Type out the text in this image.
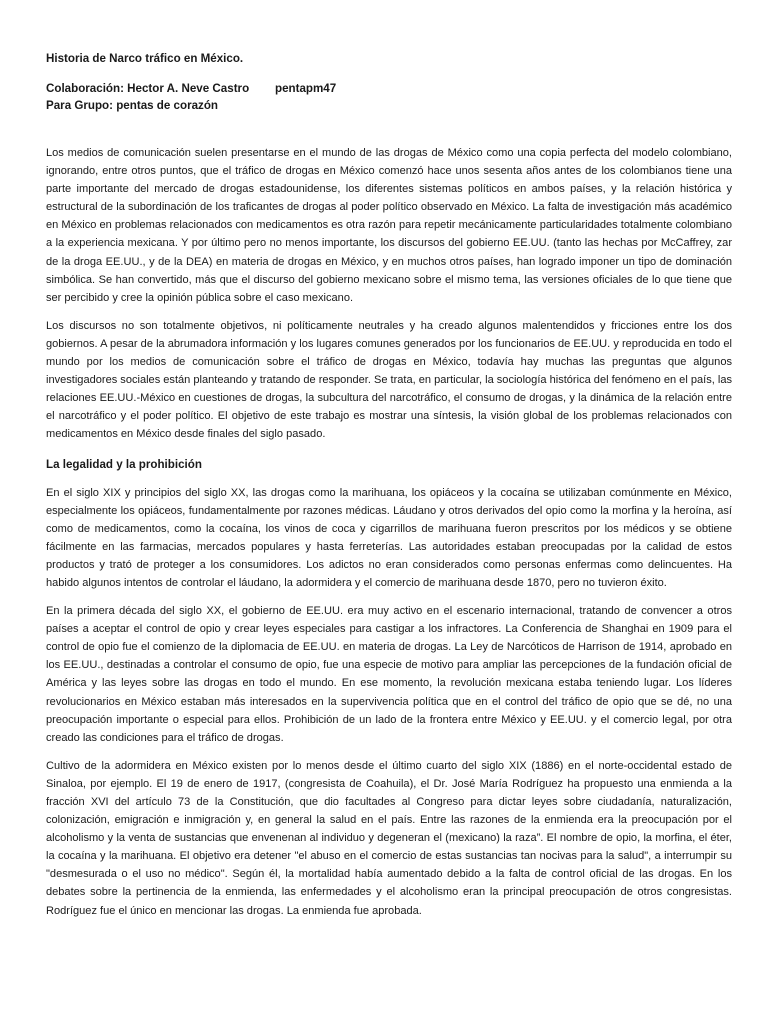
Historia de Narco tráfico en México.

Colaboración: Hector A. Neve Castro	pentapm47
Para Grupo: pentas de corazón

Los medios de comunicación suelen presentarse en el mundo de las drogas de México como una copia perfecta del modelo colombiano, ignorando, entre otros puntos, que el tráfico de drogas en México comenzó hace unos sesenta años antes de los colombianos tiene una parte importante del mercado de drogas estadounidense, los diferentes sistemas políticos en ambos países, y la relación histórica y estructural de la subordinación de los traficantes de drogas al poder político observado en México. La falta de investigación más académico en México en problemas relacionados con medicamentos es otra razón para repetir mecánicamente particularidades totalmente colombiano a la experiencia mexicana. Y por último pero no menos importante, los discursos del gobierno EE.UU. (tanto las hechas por McCaffrey, zar de la droga EE.UU., y de la DEA) en materia de drogas en México, y en muchos otros países, han logrado imponer un tipo de dominación simbólica. Se han convertido, más que el discurso del gobierno mexicano sobre el mismo tema, las versiones oficiales de lo que tiene que ser percibido y cree la opinión pública sobre el caso mexicano.

Los discursos no son totalmente objetivos, ni políticamente neutrales y ha creado algunos malentendidos y fricciones entre los dos gobiernos. A pesar de la abrumadora información y los lugares comunes generados por los funcionarios de EE.UU. y reproducida en todo el mundo por los medios de comunicación sobre el tráfico de drogas en México, todavía hay muchas las preguntas que algunos investigadores sociales están planteando y tratando de responder. Se trata, en particular, la sociología histórica del fenómeno en el país, las relaciones EE.UU.-México en cuestiones de drogas, la subcultura del narcotráfico, el consumo de drogas, y la dinámica de la relación entre el narcotráfico y el poder político. El objetivo de este trabajo es mostrar una síntesis, la visión global de los problemas relacionados con medicamentos en México desde finales del siglo pasado.

La legalidad y la prohibición

En el siglo XIX y principios del siglo XX, las drogas como la marihuana, los opiáceos y la cocaína se utilizaban comúnmente en México, especialmente los opiáceos, fundamentalmente por razones médicas. Láudano y otros derivados del opio como la morfina y la heroína, así como de medicamentos, como la cocaína, los vinos de coca y cigarrillos de marihuana fueron prescritos por los médicos y se obtiene fácilmente en las farmacias, mercados populares y hasta ferreterías. Las autoridades estaban preocupadas por la calidad de estos productos y trató de proteger a los consumidores. Los adictos no eran considerados como personas enfermas como delincuentes. Ha habido algunos intentos de controlar el láudano, la adormidera y el comercio de marihuana desde 1870, pero no tuvieron éxito.

En la primera década del siglo XX, el gobierno de EE.UU. era muy activo en el escenario internacional, tratando de convencer a otros países a aceptar el control de opio y crear leyes especiales para castigar a los infractores. La Conferencia de Shanghai en 1909 para el control de opio fue el comienzo de la diplomacia de EE.UU. en materia de drogas. La Ley de Narcóticos de Harrison de 1914, aprobado en los EE.UU., destinadas a controlar el consumo de opio, fue una especie de motivo para ampliar las percepciones de la fundación oficial de América y las leyes sobre las drogas en todo el mundo. En ese momento, la revolución mexicana estaba teniendo lugar. Los líderes revolucionarios en México estaban más interesados en la supervivencia política que en el control del tráfico de opio que se dé, no una preocupación importante o especial para ellos. Prohibición de un lado de la frontera entre México y EE.UU. y el comercio legal, por otra creado las condiciones para el tráfico de drogas.

Cultivo de la adormidera en México existen por lo menos desde el último cuarto del siglo XIX (1886) en el norte-occidental estado de Sinaloa, por ejemplo. El 19 de enero de 1917, (congresista de Coahuila), el Dr. José María Rodríguez ha propuesto una enmienda a la fracción XVI del artículo 73 de la Constitución, que dio facultades al Congreso para dictar leyes sobre ciudadanía, naturalización, colonización, emigración e inmigración y, en general la salud en el país. Entre las razones de la enmienda era la preocupación por el alcoholismo y la venta de sustancias que envenenan al individuo y degeneran el (mexicano) la raza”. El nombre de opio, la morfina, el éter, la cocaína y la marihuana. El objetivo era detener "el abuso en el comercio de estas sustancias tan nocivas para la salud", a interrumpir su "desmesurada o el uso no médico". Según él, la mortalidad había aumentado debido a la falta de control oficial de las drogas. En los debates sobre la pertinencia de la enmienda, las enfermedades y el alcoholismo eran la principal preocupación de otros congresistas. Rodríguez fue el único en mencionar las drogas. La enmienda fue aprobada.
